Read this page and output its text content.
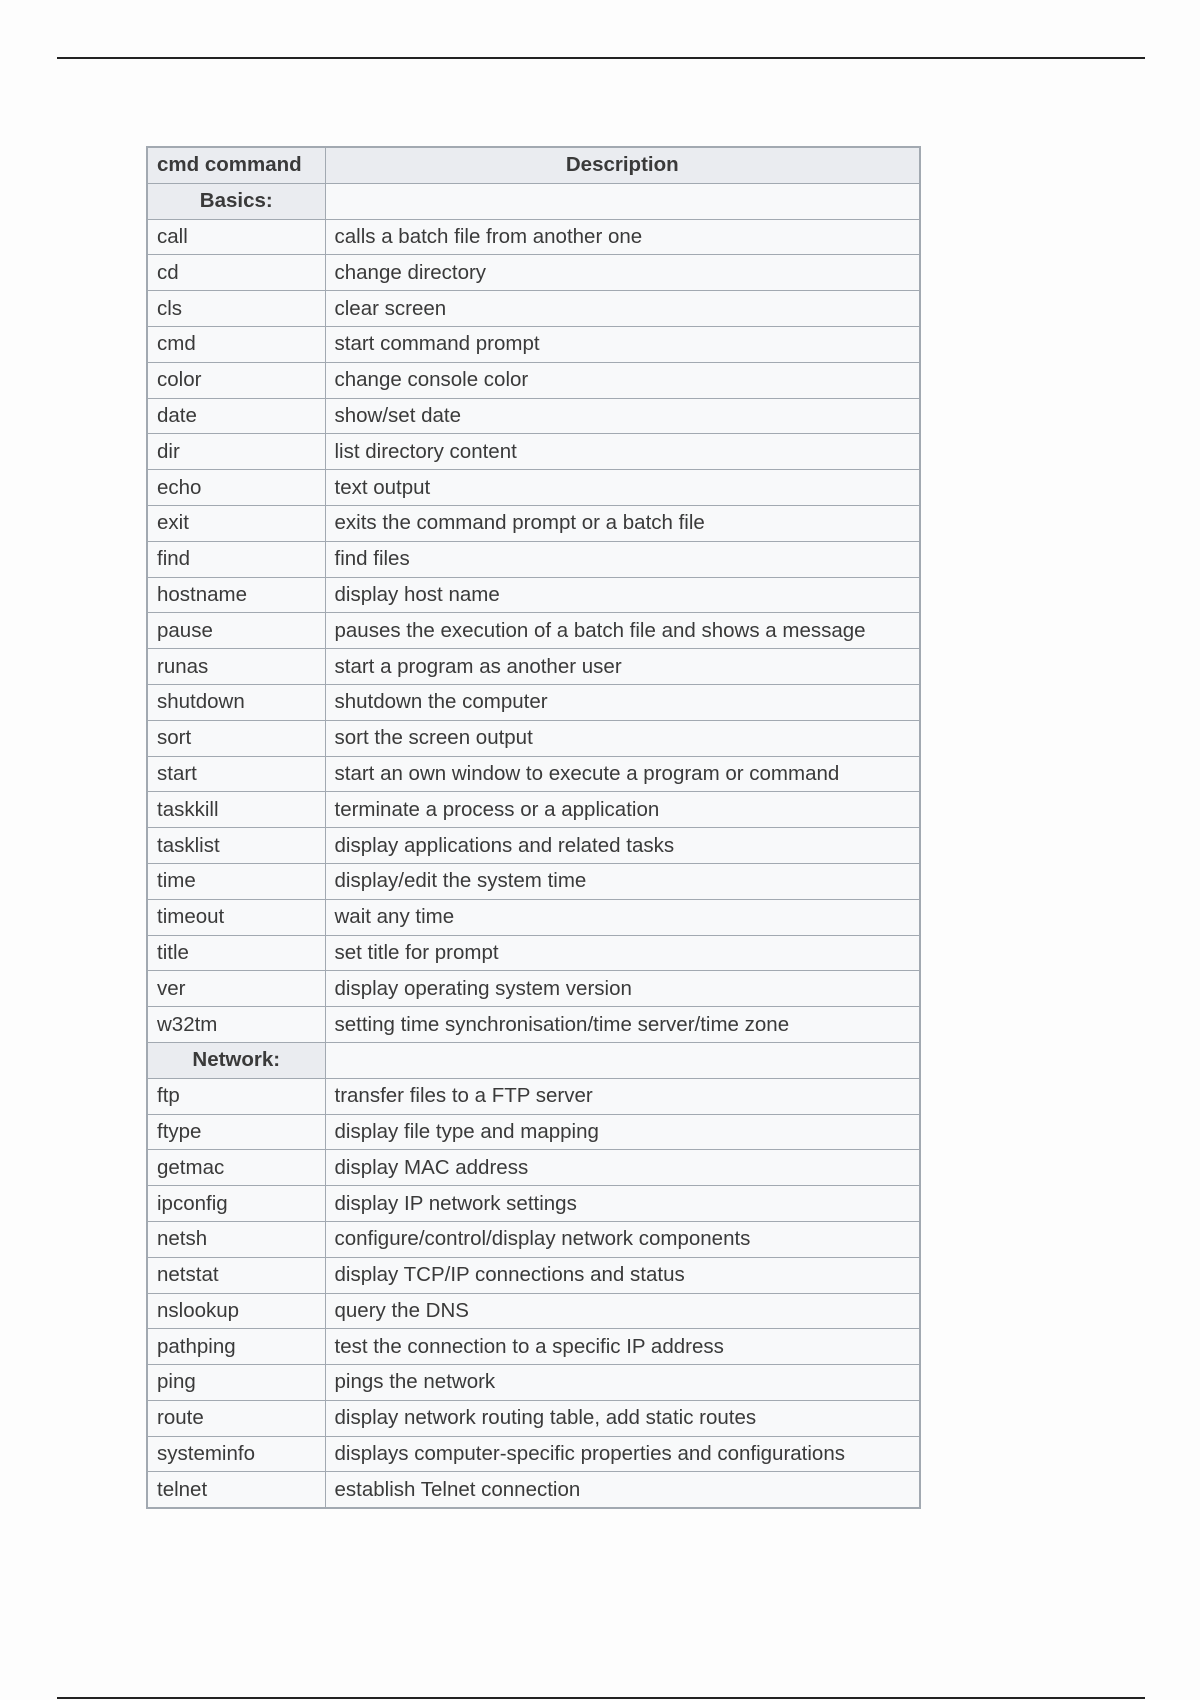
cmd command	Description
Basics:	
call	calls a batch file from another one
cd	change directory
cls	clear screen
cmd	start command prompt
color	change console color
date	show/set date
dir	list directory content
echo	text output
exit	exits the command prompt or a batch file
find	find files
hostname	display host name
pause	pauses the execution of a batch file and shows a message
runas	start a program as another user
shutdown	shutdown the computer
sort	sort the screen output
start	start an own window to execute a program or command
taskkill	terminate a process or a application
tasklist	display applications and related tasks
time	display/edit the system time
timeout	wait any time
title	set title for prompt
ver	display operating system version
w32tm	setting time synchronisation/time server/time zone
Network:	
ftp	transfer files to a FTP server
ftype	display file type and mapping
getmac	display MAC address
ipconfig	display IP network settings
netsh	configure/control/display network components
netstat	display TCP/IP connections and status
nslookup	query the DNS
pathping	test the connection to a specific IP address
ping	pings the network
route	display network routing table, add static routes
systeminfo	displays computer-specific properties and configurations
telnet	establish Telnet connection
